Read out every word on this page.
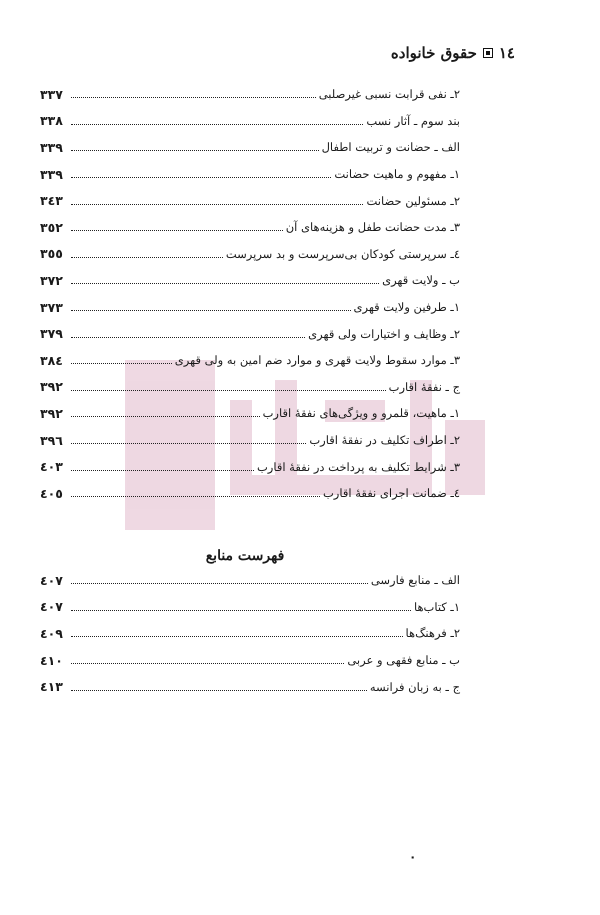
١٤
حقوق خانواده
٢ـ نفی قرابت نسبی غیرصلبی
٣٣٧
بند سوم ـ آثار نسب
٣٣٨
الف ـ حضانت و تربیت اطفال
٣٣٩
١ـ مفهوم و ماهیت حضانت
٣٣٩
٢ـ مسئولین حضانت
٣٤٣
٣ـ مدت حضانت طفل و هزینه‌های آن
٣٥٢
٤ـ سرپرستی کودکان بی‌سرپرست و بد سرپرست
٣٥٥
ب ـ ولایت قهری
٣٧٢
١ـ طرفین ولایت قهری
٣٧٣
٢ـ وظایف و اختیارات ولی قهری
٣٧٩
٣ـ موارد سقوط ولایت قهری و موارد ضم امین به ولی قهری
٣٨٤
ج ـ نفقهٔ اقارب
٣٩٢
١ـ ماهیت، قلمرو و ویژگی‌های نفقهٔ اقارب
٣٩٢
٢ـ اطراف تکلیف در نفقهٔ اقارب
٣٩٦
٣ـ شرایط تکلیف به پرداخت در نفقهٔ اقارب
٤٠٣
٤ـ ضمانت اجرای نفقهٔ اقارب
٤٠٥
فهرست منابع
الف ـ منابع فارسی
٤٠٧
١ـ کتاب‌ها
٤٠٧
٢ـ فرهنگ‌ها
٤٠٩
ب ـ منابع فقهی و عربی
٤١٠
ج ـ به زبان فرانسه
٤١٣
٠
